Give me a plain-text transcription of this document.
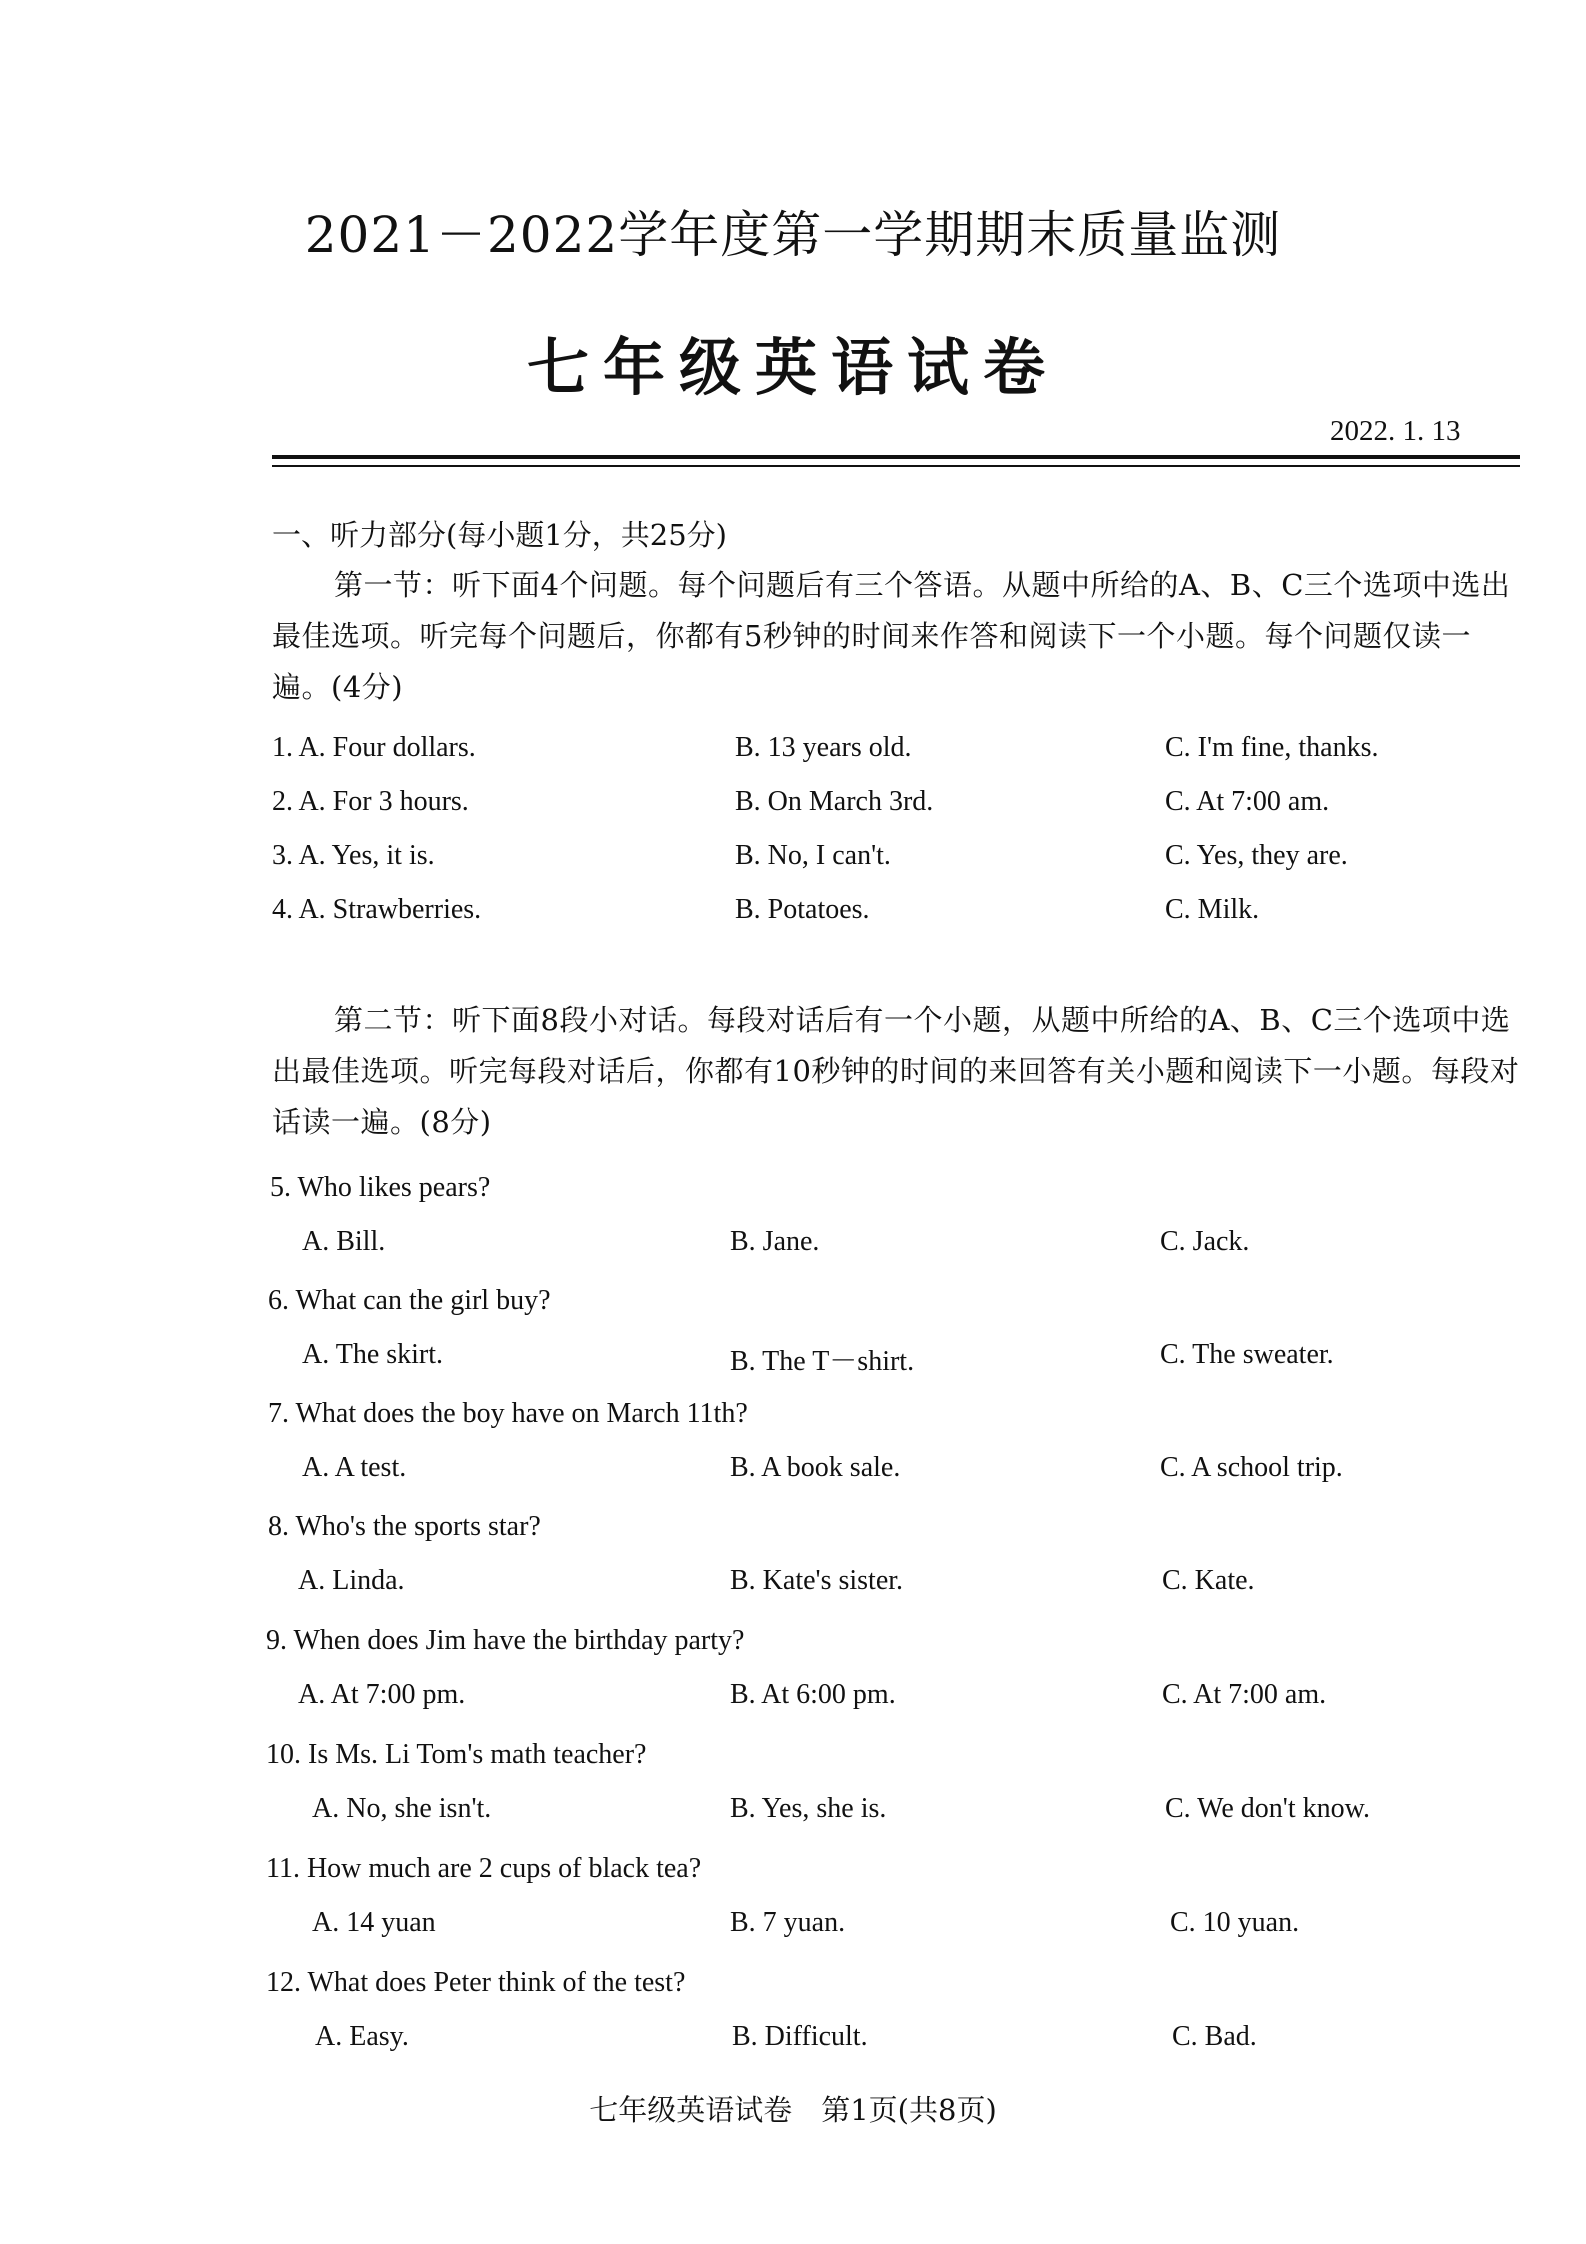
2021－2022学年度第一学期期末质量监测
七年级英语试卷
2022. 1. 13
一、听力部分(每小题1分，共25分)
第一节：听下面4个问题。每个问题后有三个答语。从题中所给的A、B、C三个选项中选出最佳选项。听完每个问题后，你都有5秒钟的时间来作答和阅读下一个小题。每个问题仅读一遍。(4分)
1. A. Four dollars.	B. 13 years old.	C. I'm fine, thanks.
2. A. For 3 hours.	B. On March 3rd.	C. At 7:00 am.
3. A. Yes, it is.	B. No, I can't.	C. Yes, they are.
4. A. Strawberries.	B. Potatoes.	C. Milk.
第二节：听下面8段小对话。每段对话后有一个小题，从题中所给的A、B、C三个选项中选出最佳选项。听完每段对话后，你都有10秒钟的时间的来回答有关小题和阅读下一小题。每段对话读一遍。(8分)
5. Who likes pears?
A. Bill.	B. Jane.	C. Jack.
6. What can the girl buy?
A. The skirt.	B. The T－shirt.	C. The sweater.
7. What does the boy have on March 11th?
A. A test.	B. A book sale.	C. A school trip.
8. Who's the sports star?
A. Linda.	B. Kate's sister.	C. Kate.
9. When does Jim have the birthday party?
A. At 7:00 pm.	B. At 6:00 pm.	C. At 7:00 am.
10. Is Ms. Li Tom's math teacher?
A. No, she isn't.	B. Yes, she is.	C. We don't know.
11. How much are 2 cups of black tea?
A. 14 yuan	B. 7 yuan.	C. 10 yuan.
12. What does Peter think of the test?
A. Easy.	B. Difficult.	C. Bad.
七年级英语试卷　第1页(共8页)
